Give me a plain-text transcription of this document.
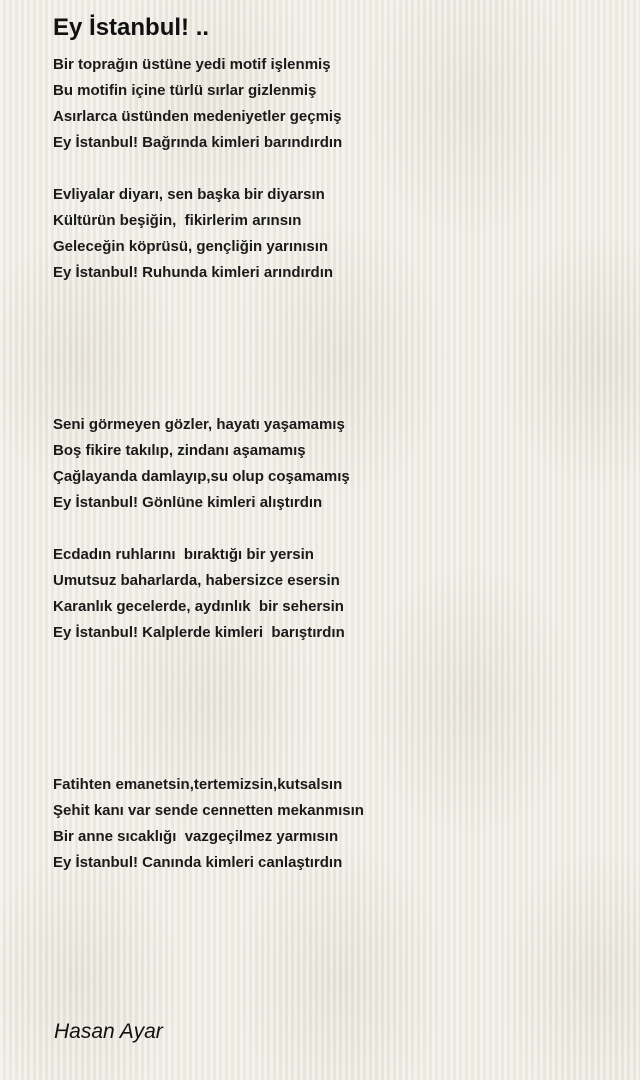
Ey İstanbul! ..
Bir toprağın üstüne yedi motif işlenmiş
Bu motifin içine türlü sırlar gizlenmiş
Asırlarca üstünden medeniyetler geçmiş
Ey İstanbul! Bağrında kimleri barındırdın
Evliyalar diyarı, sen başka bir diyarsın
Kültürün beşiğin,  fikirlerim arınsın
Geleceğin köprüsü, gençliğin yarınısın
Ey İstanbul! Ruhunda kimleri arındırdın
Seni görmeyen gözler, hayatı yaşamamış
Boş fikire takılıp, zindanı aşamamış
Çağlayanda damlayıp,su olup coşamamış
Ey İstanbul! Gönlüne kimleri alıştırdın
Ecdadın ruhlarını  bıraktığı bir yersin
Umutsuz baharlarda, habersizce esersin
Karanlık gecelerde, aydınlık  bir sehersin
Ey İstanbul! Kalplerde kimleri  barıştırdın
Fatihten emanetsin,tertemizsin,kutsalsın
Şehit kanı var sende cennetten mekanmısın
Bir anne sıcaklığı  vazgeçilmez yarmısın
Ey İstanbul! Canında kimleri canlaştırdın
Hasan Ayar
